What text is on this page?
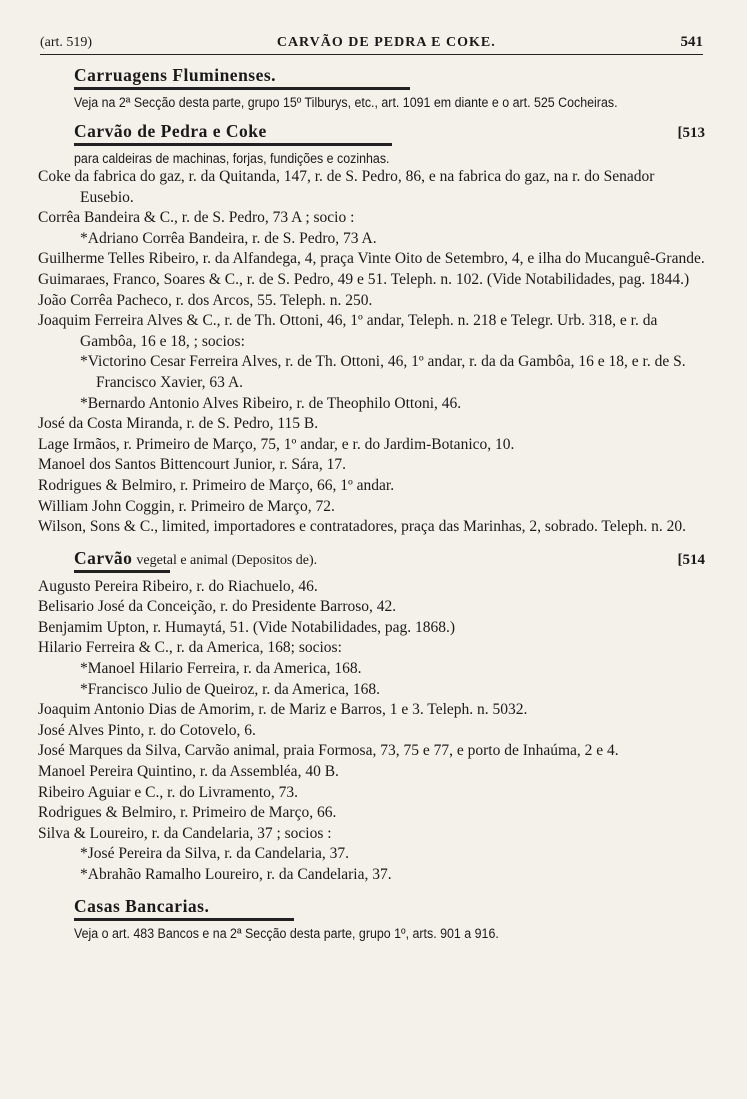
(art. 519)	CARVÃO DE PEDRA E COKE.	541
Carruagens Fluminenses.
Veja na 2ª Secção desta parte, grupo 15º Tilburys, etc., art. 1091 em diante e o art. 525 Cocheiras.
Carvão de Pedra e Coke	[513
para caldeiras de machinas, forjas, fundições e cozinhas.
Coke da fabrica do gaz, r. da Quitanda, 147, r. de S. Pedro, 86, e na fabrica do gaz, na r. do Senador Eusebio.
Corrêa Bandeira & C., r. de S. Pedro, 73 A ; socio :
*Adriano Corrêa Bandeira, r. de S. Pedro, 73 A.
Guilherme Telles Ribeiro, r. da Alfandega, 4, praça Vinte Oito de Setembro, 4, e ilha do Mucanguê-Grande.
Guimaraes, Franco, Soares & C., r. de S. Pedro, 49 e 51. Teleph. n. 102. (Vide Notabilidades, pag. 1844.)
João Corrêa Pacheco, r. dos Arcos, 55. Teleph. n. 250.
Joaquim Ferreira Alves & C., r. de Th. Ottoni, 46, 1º andar, Teleph. n. 218 e Telegr. Urb. 318, e r. da Gambôa, 16 e 18, ; socios:
*Victorino Cesar Ferreira Alves, r. de Th. Ottoni, 46, 1º andar, r. da da Gambôa, 16 e 18, e r. de S. Francisco Xavier, 63 A.
*Bernardo Antonio Alves Ribeiro, r. de Theophilo Ottoni, 46.
José da Costa Miranda, r. de S. Pedro, 115 B.
Lage Irmãos, r. Primeiro de Março, 75, 1º andar, e r. do Jardim-Botanico, 10.
Manoel dos Santos Bittencourt Junior, r. Sára, 17.
Rodrigues & Belmiro, r. Primeiro de Março, 66, 1º andar.
William John Coggin, r. Primeiro de Março, 72.
Wilson, Sons & C., limited, importadores e contratadores, praça das Marinhas, 2, sobrado. Teleph. n. 20.
Carvão vegetal e animal (Depositos de).	[514
Augusto Pereira Ribeiro, r. do Riachuelo, 46.
Belisario José da Conceição, r. do Presidente Barroso, 42.
Benjamim Upton, r. Humaytá, 51. (Vide Notabilidades, pag. 1868.)
Hilario Ferreira & C., r. da America, 168; socios:
*Manoel Hilario Ferreira, r. da America, 168.
*Francisco Julio de Queiroz, r. da America, 168.
Joaquim Antonio Dias de Amorim, r. de Mariz e Barros, 1 e 3. Teleph. n. 5032.
José Alves Pinto, r. do Cotovelo, 6.
José Marques da Silva, Carvão animal, praia Formosa, 73, 75 e 77, e porto de Inhaúma, 2 e 4.
Manoel Pereira Quintino, r. da Assembléa, 40 B.
Ribeiro Aguiar e C., r. do Livramento, 73.
Rodrigues & Belmiro, r. Primeiro de Março, 66.
Silva & Loureiro, r. da Candelaria, 37 ; socios :
*José Pereira da Silva, r. da Candelaria, 37.
*Abrahão Ramalho Loureiro, r. da Candelaria, 37.
Casas Bancarias.
Veja o art. 483 Bancos e na 2ª Secção desta parte, grupo 1º, arts. 901 a 916.
